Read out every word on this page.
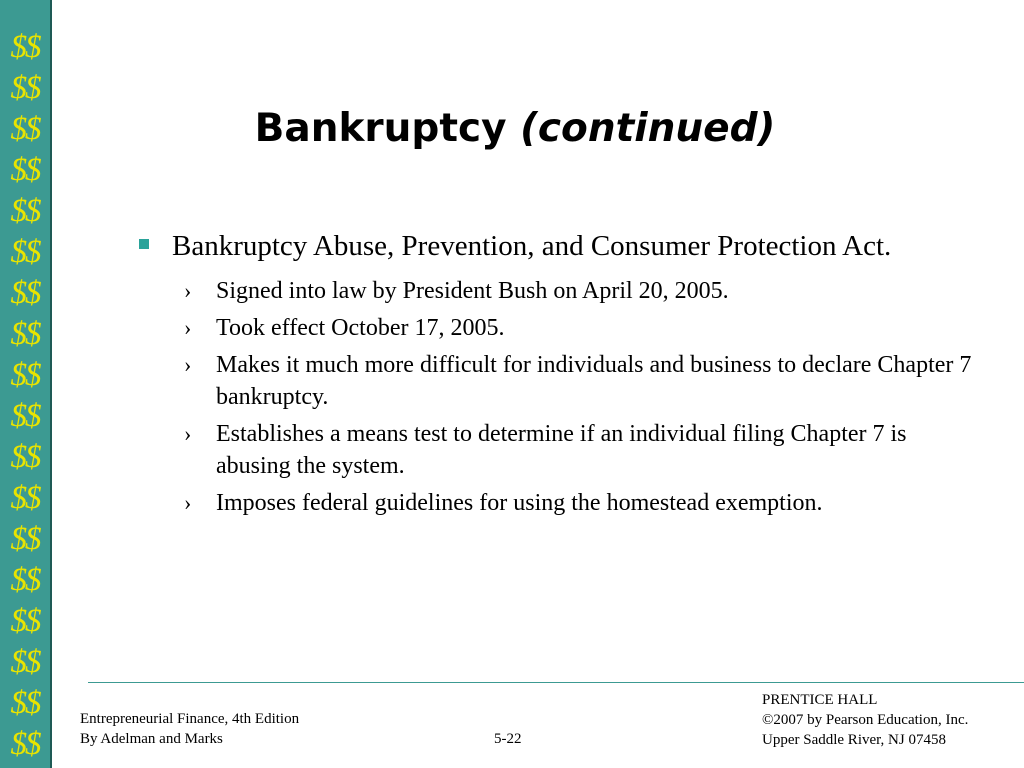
$$
$$
$$
$$
$$
$$
$$
$$
$$
$$
$$
$$
$$
$$
$$
$$
$$
$$
Bankruptcy (continued)
Bankruptcy Abuse, Prevention, and Consumer Protection Act.
› Signed into law by President Bush on April 20, 2005.
› Took effect October 17, 2005.
› Makes it much more difficult for individuals and business to declare Chapter 7 bankruptcy.
› Establishes a means test to determine if an individual filing Chapter 7 is abusing the system.
› Imposes federal guidelines for using the homestead exemption.
Entrepreneurial Finance, 4th Edition
By Adelman and Marks	5-22
PRENTICE HALL
©2007 by Pearson Education, Inc.
Upper Saddle River, NJ 07458
